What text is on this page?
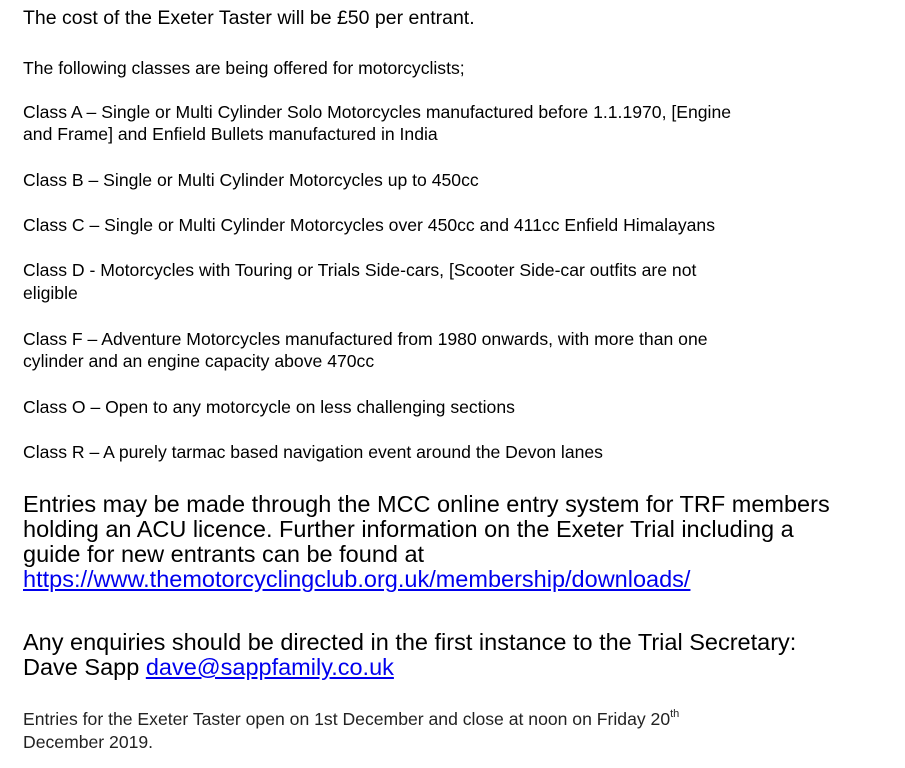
The cost of the Exeter Taster will be £50 per entrant.

The following classes are being offered for motorcyclists;

Class A – Single or Multi Cylinder Solo Motorcycles manufactured before 1.1.1970, [Engine

and Frame] and Enfield Bullets manufactured in India

Class B – Single or Multi Cylinder Motorcycles up to 450cc

Class C – Single or Multi Cylinder Motorcycles over 450cc and 411cc Enfield Himalayans

Class D - Motorcycles with Touring or Trials Side-cars, [Scooter Side-car outfits are not

eligible

Class F – Adventure Motorcycles manufactured from 1980 onwards, with more than one

cylinder and an engine capacity above 470cc

Class O – Open to any motorcycle on less challenging sections

Class R – A purely tarmac based navigation event around the Devon lanes

Entries may be made through the MCC online entry system for TRF members

holding an ACU licence. Further information on the Exeter Trial including a

guide for new entrants can be found at

https://www.themotorcyclingclub.org.uk/membership/downloads/

Any enquiries should be directed in the first instance to the Trial Secretary:

Dave Sapp dave@sappfamily.co.uk

Entries for the Exeter Taster open on 1st December and close at noon on Friday 20th

December 2019.
